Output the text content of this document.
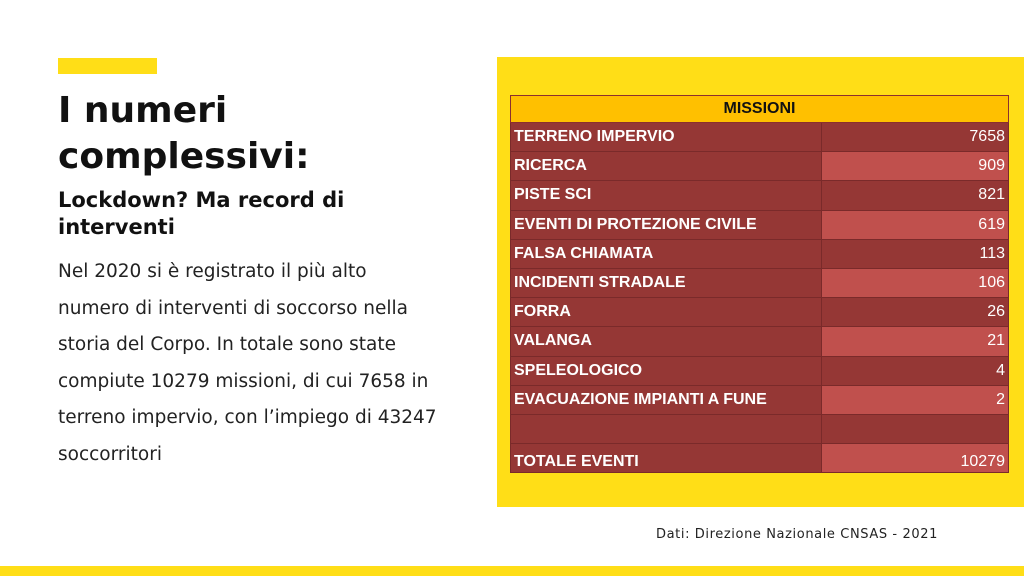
I numeri complessivi:
Lockdown? Ma record di interventi

Nel 2020 si è registrato il più alto numero di interventi di soccorso nella storia del Corpo. In totale sono state compiute 10279 missioni, di cui 7658 in terreno impervio, con l’impiego di 43247 soccorritori

MISSIONI	
TERRENO IMPERVIO	7658
RICERCA	909
PISTE SCI	821
EVENTI DI PROTEZIONE CIVILE	619
FALSA CHIAMATA	113
INCIDENTI STRADALE	106
FORRA	26
VALANGA	21
SPELEOLOGICO	4
EVACUAZIONE IMPIANTI A FUNE	2

TOTALE EVENTI	10279
Dati: Direzione Nazionale CNSAS - 2021
